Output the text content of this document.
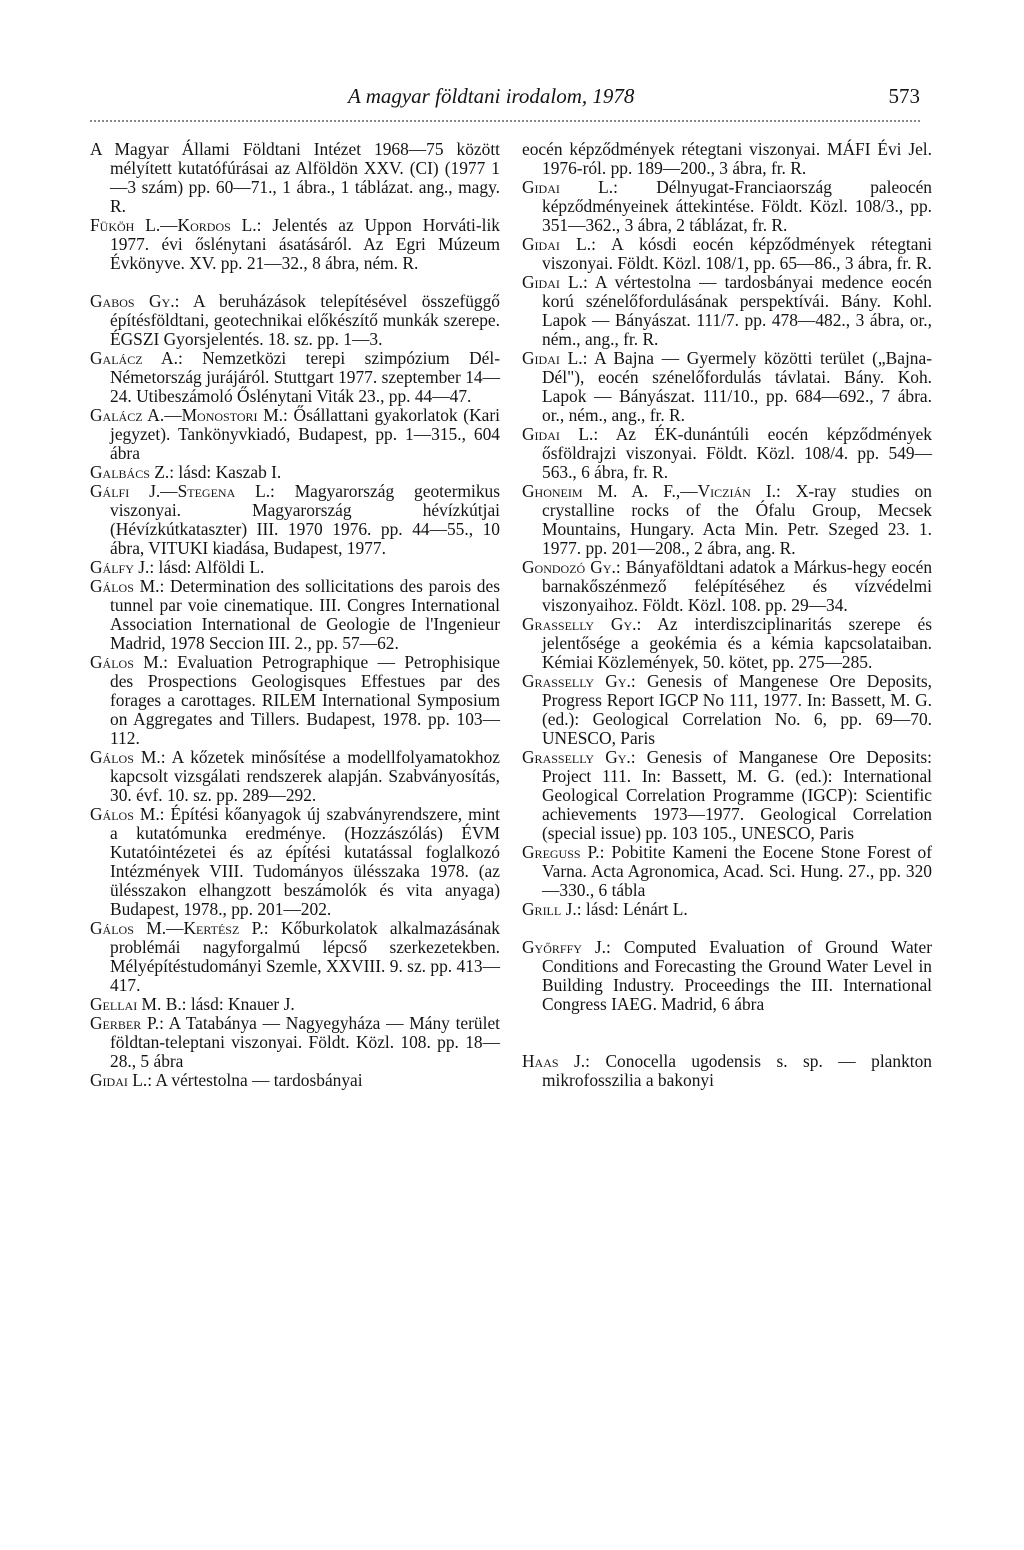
A magyar földtani irodalom, 1978	573

A Magyar Állami Földtani Intézet 1968—75 között mélyített kutatófúrásai az Alföldön XXV. (CI) (1977 1—3 szám) pp. 60—71., 1 ábra., 1 táblázat. ang., magy. R.

Füköh L.—Kordos L.: Jelentés az Uppon Horváti-lik 1977. évi őslénytani ásatásáról. Az Egri Múzeum Évkönyve. XV. pp. 21—32., 8 ábra, ném. R.

Gabos Gy.: A beruházások telepítésével összefüggő építésföldtani, geotechnikai előkészítő munkák szerepe. ÉGSZI Gyorsjelentés. 18. sz. pp. 1—3.

Galácz A.: Nemzetközi terepi szimpózium Dél-Németország jurájáról. Stuttgart 1977. szeptember 14—24. Utibeszámoló Őslénytani Viták 23., pp. 44—47.

Galácz A.—Monostori M.: Ősállattani gyakorlatok (Kari jegyzet). Tankönyvkiadó, Budapest, pp. 1—315., 604 ábra

Galbács Z.: lásd: Kaszab I.

Gálfi J.—Stegena L.: Magyarország geotermikus viszonyai. Magyarország hévízkútjai (Hévízkútkataszter) III. 1970 1976. pp. 44—55., 10 ábra, VITUKI kiadása, Budapest, 1977.

Gálfy J.: lásd: Alföldi L.

Gálos M.: Determination des sollicitations des parois des tunnel par voie cinematique. III. Congres International Association International de Geologie de l'Ingenieur Madrid, 1978 Seccion III. 2., pp. 57—62.

Gálos M.: Evaluation Petrographique — Petrophisique des Prospections Geologisques Effestues par des forages a carottages. RILEM International Symposium on Aggregates and Tillers. Budapest, 1978. pp. 103—112.

Gálos M.: A kőzetek minősítése a modellfolyamatokhoz kapcsolt vizsgálati rendszerek alapján. Szabványosítás, 30. évf. 10. sz. pp. 289—292.

Gálos M.: Építési kőanyagok új szabványrendszere, mint a kutatómunka eredménye. (Hozzászólás) ÉVM Kutatóintézetei és az építési kutatással foglalkozó Intézmények VIII. Tudományos ülésszaka 1978. (az ülésszakon elhangzott beszámolók és vita anyaga) Budapest, 1978., pp. 201—202.

Gálos M.—Kertész P.: Kőburkolatok alkalmazásának problémái nagyforgalmú lépcső szerkezetekben. Mélyépítéstudományi Szemle, XXVIII. 9. sz. pp. 413—417.

Gellai M. B.: lásd: Knauer J.

Gerber P.: A Tatabánya — Nagyegyháza — Mány terület földtan-teleptani viszonyai. Földt. Közl. 108. pp. 18—28., 5 ábra

Gidai L.: A vértestolna — tardosbányai

eocén képződmények rétegtani viszonyai. MÁFI Évi Jel. 1976-ról. pp. 189—200., 3 ábra, fr. R.

Gidai L.: Délnyugat-Franciaország paleocén képződményeinek áttekintése. Földt. Közl. 108/3., pp. 351—362., 3 ábra, 2 táblázat, fr. R.

Gidai L.: A kósdi eocén képződmények rétegtani viszonyai. Földt. Közl. 108/1, pp. 65—86., 3 ábra, fr. R.

Gidai L.: A vértestolna — tardosbányai medence eocén korú szénelőfordulásának perspektívái. Bány. Kohl. Lapok — Bányászat. 111/7. pp. 478—482., 3 ábra, or., ném., ang., fr. R.

Gidai L.: A Bajna — Gyermely közötti terület („Bajna-Dél"), eocén szénelőfordulás távlatai. Bány. Koh. Lapok — Bányászat. 111/10., pp. 684—692., 7 ábra. or., ném., ang., fr. R.

Gidai L.: Az ÉK-dunántúli eocén képződmények ősföldrajzi viszonyai. Földt. Közl. 108/4. pp. 549—563., 6 ábra, fr. R.

Ghoneim M. A. F.,—Viczián I.: X-ray studies on crystalline rocks of the Ófalu Group, Mecsek Mountains, Hungary. Acta Min. Petr. Szeged 23. 1. 1977. pp. 201—208., 2 ábra, ang. R.

Gondozó Gy.: Bányaföldtani adatok a Márkus-hegy eocén barnakőszénmező felépítéséhez és vízvédelmi viszonyaihoz. Földt. Közl. 108. pp. 29—34.

Grasselly Gy.: Az interdiszciplinaritás szerepe és jelentősége a geokémia és a kémia kapcsolataiban. Kémiai Közlemények, 50. kötet, pp. 275—285.

Grasselly Gy.: Genesis of Mangenese Ore Deposits, Progress Report IGCP No 111, 1977. In: Bassett, M. G. (ed.): Geological Correlation No. 6, pp. 69—70. UNESCO, Paris

Grasselly Gy.: Genesis of Manganese Ore Deposits: Project 111. In: Bassett, M. G. (ed.): International Geological Correlation Programme (IGCP): Scientific achievements 1973—1977. Geological Correlation (special issue) pp. 103 105., UNESCO, Paris

Greguss P.: Pobitite Kameni the Eocene Stone Forest of Varna. Acta Agronomica, Acad. Sci. Hung. 27., pp. 320—330., 6 tábla

Grill J.: lásd: Lénárt L.

Győrffy J.: Computed Evaluation of Ground Water Conditions and Forecasting the Ground Water Level in Building Industry. Proceedings the III. International Congress IAEG. Madrid, 6 ábra

Haas J.: Conocella ugodensis s. sp. — plankton mikrofosszilia a bakonyi
